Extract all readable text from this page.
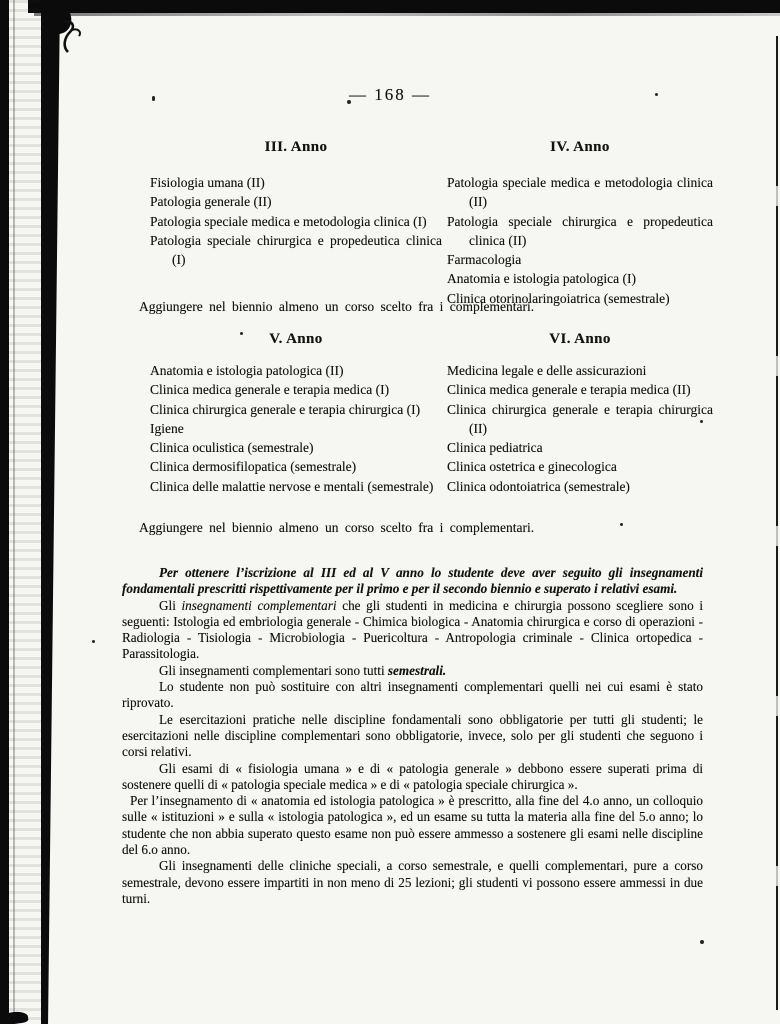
— 168 —
III. Anno	IV. Anno
Fisiologia umana (II)
Patologia generale (II)
Patologia speciale medica e metodologia clinica (I)
Patologia speciale chirurgica e propedeutica clinica (I)
Patologia speciale medica e metodologia clinica (II)
Patologia speciale chirurgica e propedeutica clinica (II)
Farmacologia
Anatomia e istologia patologica (I)
Clinica otorinolaringoiatrica (semestrale)
Aggiungere nel biennio almeno un corso scelto fra i complementari.
V. Anno	VI. Anno
Anatomia e istologia patologica (II)
Clinica medica generale e terapia medica (I)
Clinica chirurgica generale e terapia chirurgica (I)
Igiene
Clinica oculistica (semestrale)
Clinica dermosifilopatica (semestrale)
Clinica delle malattie nervose e mentali (semestrale)
Medicina legale e delle assicurazioni
Clinica medica generale e terapia medica (II)
Clinica chirurgica generale e terapia chirurgica (II)
Clinica pediatrica
Clinica ostetrica e ginecologica
Clinica odontoiatrica (semestrale)
Aggiungere nel biennio almeno un corso scelto fra i complementari.

Per ottenere l’iscrizione al III ed al V anno lo studente deve aver seguito gli insegnamenti fondamentali prescritti rispettivamente per il primo e per il secondo biennio e superato i relativi esami.

Gli insegnamenti complementari che gli studenti in medicina e chirurgia possono scegliere sono i seguenti: Istologia ed embriologia generale - Chimica biologica - Anatomia chirurgica e corso di operazioni - Radiologia - Tisiologia - Microbiologia - Puericoltura - Antropologia criminale - Clinica ortopedica - Parassitologia.

Gli insegnamenti complementari sono tutti semestrali.

Lo studente non può sostituire con altri insegnamenti complementari quelli nei cui esami è stato riprovato.

Le esercitazioni pratiche nelle discipline fondamentali sono obbligatorie per tutti gli studenti; le esercitazioni nelle discipline complementari sono obbligatorie, invece, solo per gli studenti che seguono i corsi relativi.

Gli esami di « fisiologia umana » e di « patologia generale » debbono essere superati prima di sostenere quelli di « patologia speciale medica » e di « patologia speciale chirurgica ».

Per l’insegnamento di « anatomia ed istologia patologica » è prescritto, alla fine del 4.o anno, un colloquio sulle « istituzioni » e sulla « istologia patologica », ed un esame su tutta la materia alla fine del 5.o anno; lo studente che non abbia superato questo esame non può essere ammesso a sostenere gli esami nelle discipline del 6.o anno.

Gli insegnamenti delle cliniche speciali, a corso semestrale, e quelli complementari, pure a corso semestrale, devono essere impartiti in non meno di 25 lezioni; gli studenti vi possono essere ammessi in due turni.
